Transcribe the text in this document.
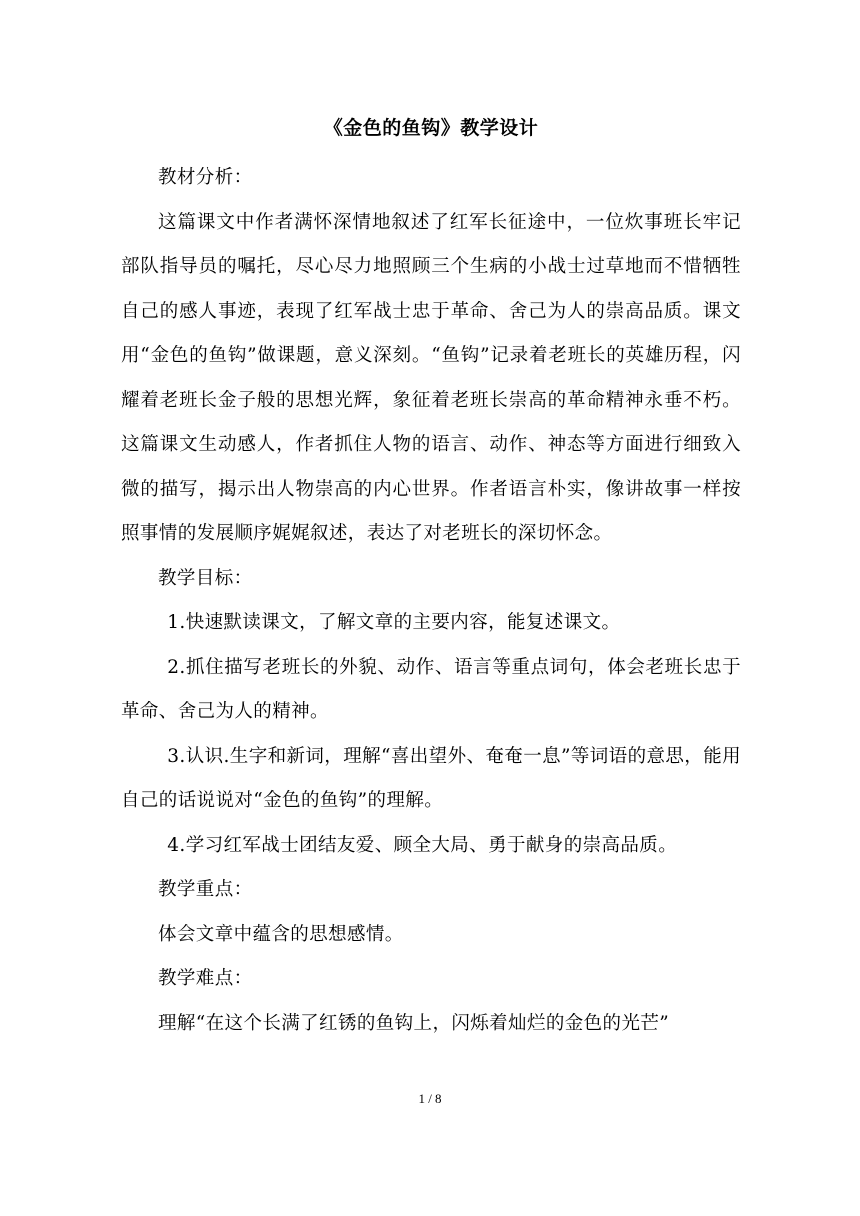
《金色的鱼钩》教学设计

教材分析：

这篇课文中作者满怀深情地叙述了红军长征途中，一位炊事班长牢记部队指导员的嘱托，尽心尽力地照顾三个生病的小战士过草地而不惜牺牲自己的感人事迹，表现了红军战士忠于革命、舍己为人的崇高品质。课文用“金色的鱼钩”做课题，意义深刻。“鱼钩”记录着老班长的英雄历程，闪耀着老班长金子般的思想光辉，象征着老班长崇高的革命精神永垂不朽。这篇课文生动感人，作者抓住人物的语言、动作、神态等方面进行细致入微的描写，揭示出人物崇高的内心世界。作者语言朴实，像讲故事一样按照事情的发展顺序娓娓叙述，表达了对老班长的深切怀念。

教学目标：

1.快速默读课文，了解文章的主要内容，能复述课文。

2.抓住描写老班长的外貌、动作、语言等重点词句，体会老班长忠于革命、舍己为人的精神。

3.认识.生字和新词，理解“喜出望外、奄奄一息”等词语的意思，能用自己的话说说对“金色的鱼钩”的理解。

4.学习红军战士团结友爱、顾全大局、勇于献身的崇高品质。

教学重点：

体会文章中蕴含的思想感情。

教学难点：

理解“在这个长满了红锈的鱼钩上，闪烁着灿烂的金色的光芒”

1 / 8
